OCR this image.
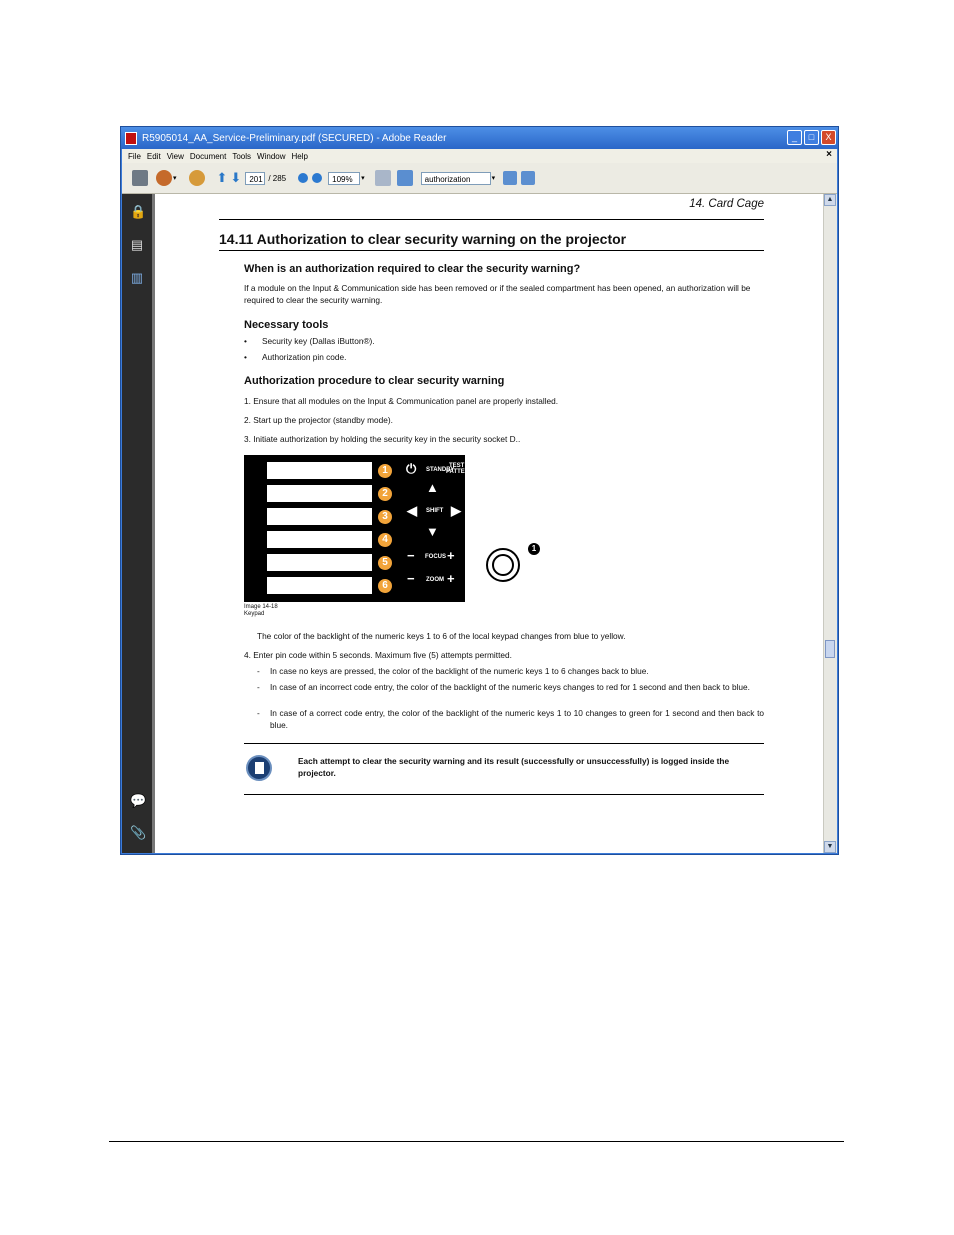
R5905014_AA_Service-Preliminary.pdf (SECURED) - Adobe Reader	_	□	X
File Edit View Document Tools Window Help	×
▾	⬆ ⬇	201 / 285	109%	▾	authorization	▾
🔒
▤
▥
💬
📎
14. Card Cage
14.11 Authorization to clear security warning on the projector
When is an authorization required to clear the security warning?
If a module on the Input & Communication side has been removed or if the sealed compartment has been opened, an authorization will be required to clear the security warning.
Necessary tools
• Security key (Dallas iButton®).
• Authorization pin code.
Authorization procedure to clear security warning
1. Ensure that all modules on the Input & Communication panel are properly installed.
2. Start up the projector (standby mode).
3. Initiate authorization by holding the security key in the security socket D..
1
2
3
4
5
6
⏻ STANDBY
TEST
PATTERN
▲
◀ SHIFT ▶
▼
− FOCUS +
− ZOOM +
1
Image 14-18
Keypad
The color of the backlight of the numeric keys 1 to 6 of the local keypad changes from blue to yellow.
4. Enter pin code within 5 seconds. Maximum five (5) attempts permitted.
- In case no keys are pressed, the color of the backlight of the numeric keys 1 to 6 changes back to blue.
- In case of an incorrect code entry, the color of the backlight of the numeric keys changes to red for 1 second and then back to blue.
- In case of a correct code entry, the color of the backlight of the numeric keys 1 to 10 changes to green for 1 second and then back to blue.
Each attempt to clear the security warning and its result (successfully or unsuccessfully) is logged inside the projector.
▲
▼
